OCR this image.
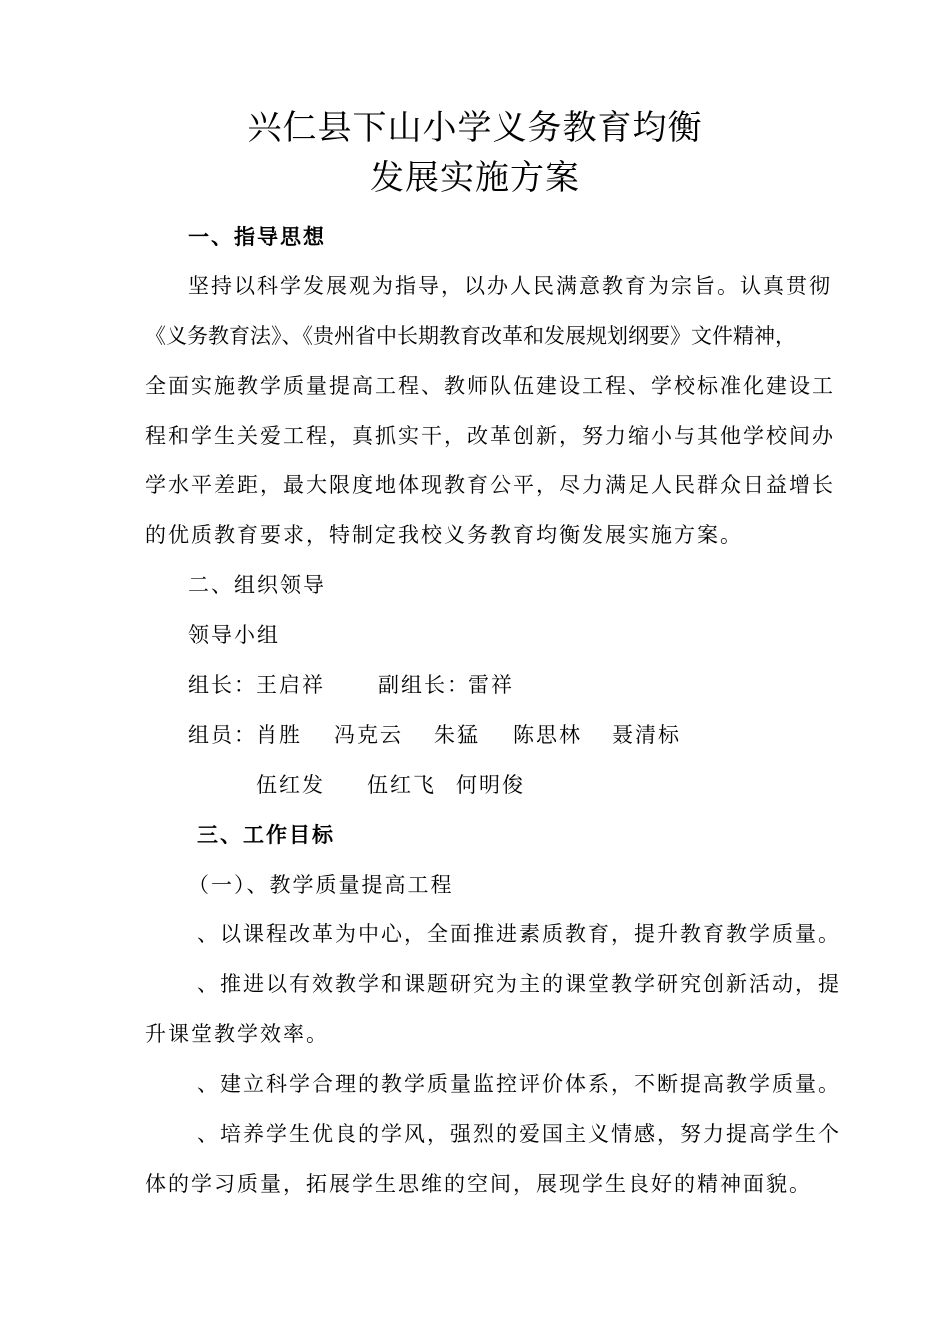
兴仁县下山小学义务教育均衡
发展实施方案
一、指导思想
坚持以科学发展观为指导，以办人民满意教育为宗旨。认真贯彻
《义务教育法》、《贵州省中长期教育改革和发展规划纲要》文件精神，
全面实施教学质量提高工程、教师队伍建设工程、学校标准化建设工
程和学生关爱工程，真抓实干，改革创新，努力缩小与其他学校间办
学水平差距，最大限度地体现教育公平，尽力满足人民群众日益增长
的优质教育要求，特制定我校义务教育均衡发展实施方案。
二、组织领导
领导小组
组长： 王启祥	副组长：
雷祥
组员： 肖胜 冯克云 朱猛 陈思林 聂清标
伍红发 伍红飞 何明俊
三、工作目标
（一）、教学质量提高工程
、以课程改革为中心，全面推进素质教育，提升教育教学质量。
、推进以有效教学和课题研究为主的课堂教学研究创新活动，提
升课堂教学效率。
、建立科学合理的教学质量监控评价体系，不断提高教学质量。
、培养学生优良的学风，强烈的爱国主义情感，努力提高学生个
体的学习质量，拓展学生思维的空间，展现学生良好的精神面貌。
